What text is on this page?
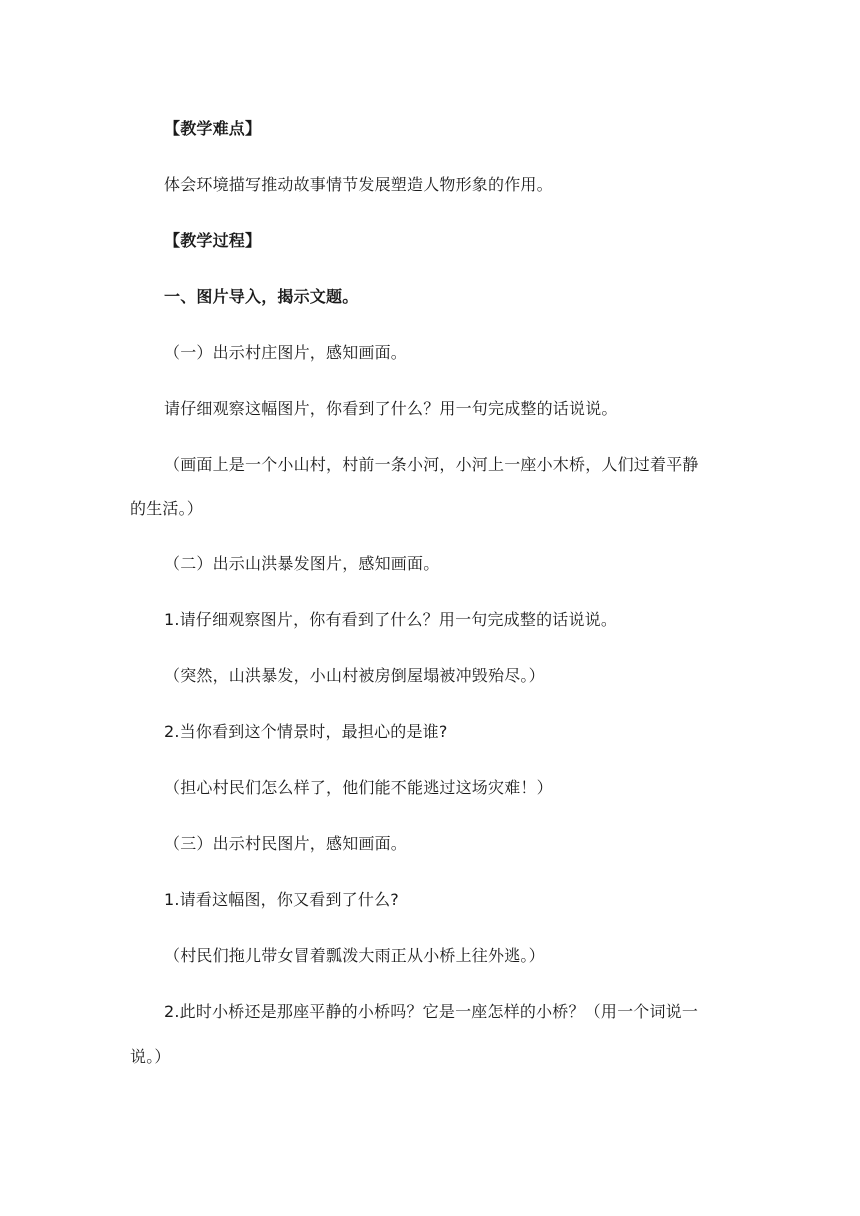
【教学难点】
体会环境描写推动故事情节发展塑造人物形象的作用。
【教学过程】
一、图片导入，揭示文题。
（一）出示村庄图片，感知画面。
请仔细观察这幅图片，你看到了什么？用一句完成整的话说说。
（画面上是一个小山村，村前一条小河，小河上一座小木桥，人们过着平静
的生活。）
（二）出示山洪暴发图片，感知画面。
1.请仔细观察图片，你有看到了什么？用一句完成整的话说说。
（突然，山洪暴发，小山村被房倒屋塌被冲毁殆尽。）
2.当你看到这个情景时，最担心的是谁?
（担心村民们怎么样了，他们能不能逃过这场灾难！）
（三）出示村民图片，感知画面。
1.请看这幅图，你又看到了什么?
（村民们拖儿带女冒着瓢泼大雨正从小桥上往外逃。）
2.此时小桥还是那座平静的小桥吗？它是一座怎样的小桥？（用一个词说一
说。）
